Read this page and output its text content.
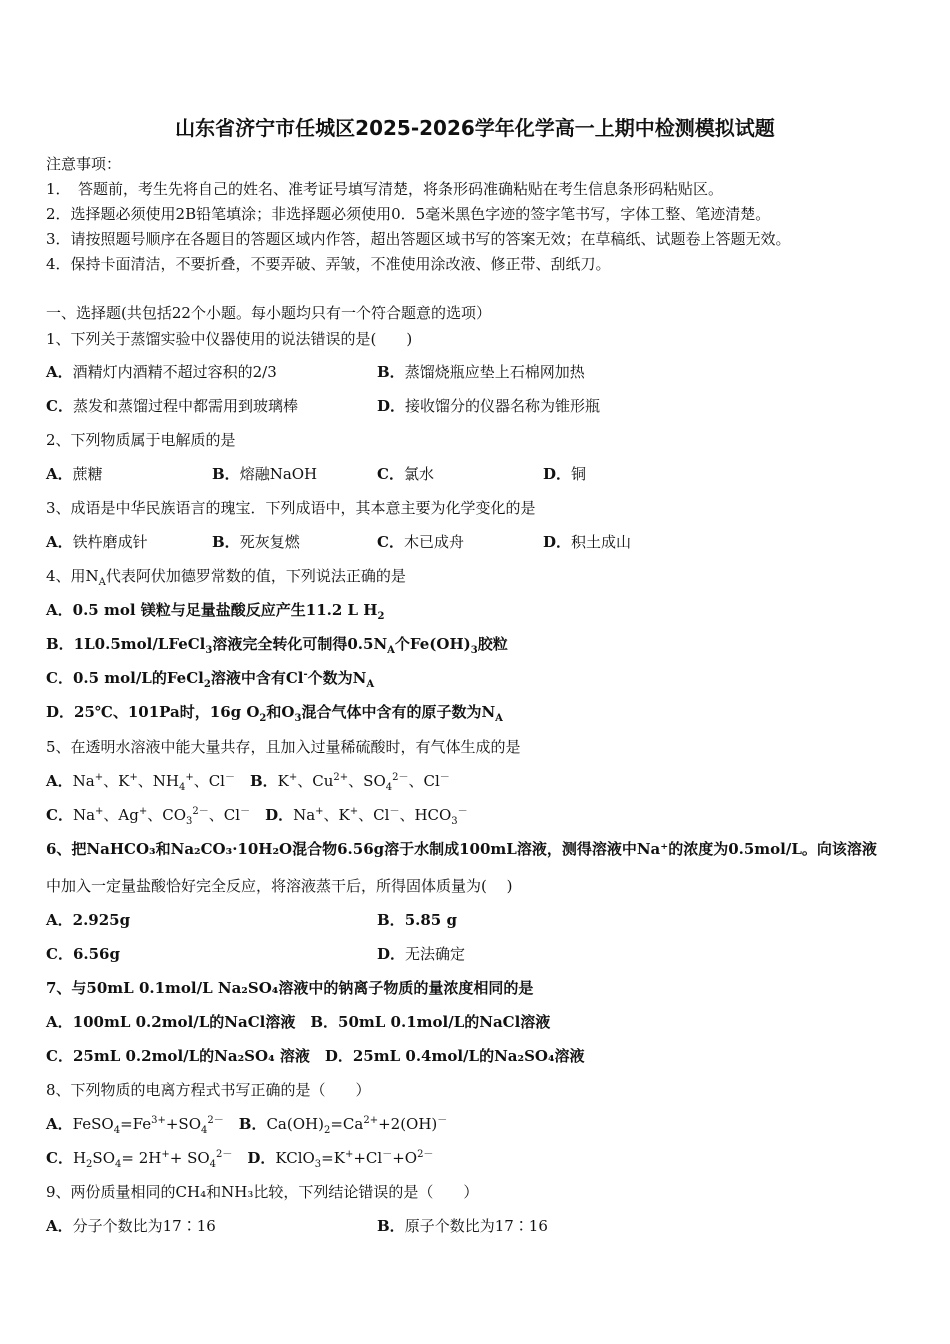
山东省济宁市任城区2025-2026学年化学高一上期中检测模拟试题
注意事项：
1．　答题前，考生先将自己的姓名、准考证号填写清楚，将条形码准确粘贴在考生信息条形码粘贴区。
2．选择题必须使用2B铅笔填涂；非选择题必须使用0．5毫米黑色字迹的签字笔书写，字体工整、笔迹清楚。
3．请按照题号顺序在各题目的答题区域内作答，超出答题区域书写的答案无效；在草稿纸、试题卷上答题无效。
4．保持卡面清洁，不要折叠，不要弄破、弄皱，不准使用涂改液、修正带、刮纸刀。
一、选择题(共包括22个小题。每小题均只有一个符合题意的选项）
1、下列关于蒸馏实验中仪器使用的说法错误的是(　　)
A．酒精灯内酒精不超过容积的2/3	B．蒸馏烧瓶应垫上石棉网加热
C．蒸发和蒸馏过程中都需用到玻璃棒	D．接收馏分的仪器名称为锥形瓶
2、下列物质属于电解质的是
A．蔗糖	B．熔融NaOH	C．氯水	D．铜
3、成语是中华民族语言的瑰宝．下列成语中，其本意主要为化学变化的是
A．铁杵磨成针	B．死灰复燃	C．木已成舟	D．积土成山
4、用$N_A$代表阿伏加德罗常数的值，下列说法正确的是
A．0.5 mol 镁粒与足量盐酸反应产生11.2 L $H_2$
B．1L0.5mol/LFeCl$_3$溶液完全转化可制得$0.5N_A$个$Fe(OH)_3$胶粒
C．0.5 mol/L的FeCl$_2$溶液中含有Cl-个数为$N_A$
D．25℃、101Pa时，16g $O_2$和$O_3$混合气体中含有的原子数为$N_A$
5、在透明水溶液中能大量共存，且加入过量稀硫酸时，有气体生成的是
A．Na+、K+、$NH_4^+$、Cl－　B．K+、$Cu^{2+}$、$SO_4^{2-}$、Cl－
C．Na+、Ag+、$CO_3^{2-}$、Cl－　D．Na+、K+、Cl－、$HCO_3^-$
6、把NaHCO₃和Na₂CO₃·10H₂O混合物6.56g溶于水制成100mL溶液，测得溶液中Na⁺的浓度为0.5mol/L。向该溶液
中加入一定量盐酸恰好完全反应，将溶液蒸干后，所得固体质量为(　 )
A．2.925g	B．5.85 g
C．6.56g	D．无法确定
7、与50mL 0.1mol/L Na₂SO₄溶液中的钠离子物质的量浓度相同的是
A．100mL 0.2mol/L的NaCl溶液　B．50mL 0.1mol/L的NaCl溶液
C．25mL 0.2mol/L的Na₂SO₄ 溶液　D．25mL 0.4mol/L的Na₂SO₄溶液
8、下列物质的电离方程式书写正确的是（　　）
A．$FeSO_4=Fe^{3+}+SO_4^{2-}$　B．$Ca(OH)_2=Ca^{2+}+2(OH)^-$
C．$H_2SO_4= 2H^++ SO_4^{2-}$　D．$KClO_3=K^++Cl^-+O^{2-}$
9、两份质量相同的CH₄和NH₃比较，下列结论错误的是（　　）
A．分子个数比为17∶16	B．原子个数比为17∶16
